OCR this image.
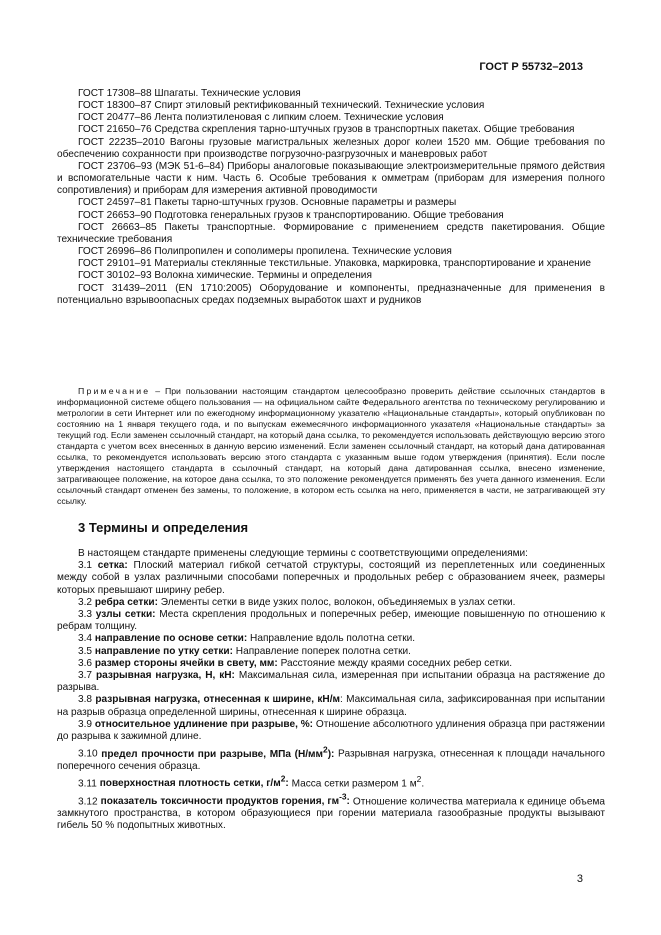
ГОСТ Р 55732–2013

ГОСТ 17308–88 Шпагаты. Технические условия

ГОСТ 18300–87 Спирт этиловый ректификованный технический. Технические условия

ГОСТ 20477–86 Лента полиэтиленовая с липким слоем. Технические условия

ГОСТ 21650–76 Средства скрепления тарно-штучных грузов в транспортных пакетах. Общие требования

ГОСТ 22235–2010 Вагоны грузовые магистральных железных дорог колеи 1520 мм. Общие требования по обеспечению сохранности при производстве погрузочно-разгрузочных и маневровых работ

ГОСТ 23706–93 (МЭК 51-6–84) Приборы аналоговые показывающие электроизмерительные прямого действия и вспомогательные части к ним. Часть 6. Особые требования к омметрам (приборам для измерения полного сопротивления) и приборам для измерения активной проводимости

ГОСТ 24597–81 Пакеты тарно-штучных грузов. Основные параметры и размеры

ГОСТ 26653–90 Подготовка генеральных грузов к транспортированию. Общие требования

ГОСТ 26663–85 Пакеты транспортные. Формирование с применением средств пакетирования. Общие технические требования

ГОСТ 26996–86 Полипропилен и сополимеры пропилена. Технические условия

ГОСТ 29101–91 Материалы стеклянные текстильные. Упаковка, маркировка, транспортирование и хранение

ГОСТ 30102–93 Волокна химические. Термины и определения

ГОСТ 31439–2011 (EN 1710:2005) Оборудование и компоненты, предназначенные для применения в потенциально взрывоопасных средах подземных выработок шахт и рудников

Примечание – При пользовании настоящим стандартом целесообразно проверить действие ссылочных стандартов в информационной системе общего пользования — на официальном сайте Федерального агентства по техническому регулированию и метрологии в сети Интернет или по ежегодному информационному указателю «Национальные стандарты», который опубликован по состоянию на 1 января текущего года, и по выпускам ежемесячного информационного указателя «Национальные стандарты» за текущий год. Если заменен ссылочный стандарт, на который дана ссылка, то рекомендуется использовать действующую версию этого стандарта с учетом всех внесенных в данную версию изменений. Если заменен ссылочный стандарт, на который дана датированная ссылка, то рекомендуется использовать версию этого стандарта с указанным выше годом утверждения (принятия). Если после утверждения настоящего стандарта в ссылочный стандарт, на который дана датированная ссылка, внесено изменение, затрагивающее положение, на которое дана ссылка, то это положение рекомендуется применять без учета данного изменения. Если ссылочный стандарт отменен без замены, то положение, в котором есть ссылка на него, применяется в части, не затрагивающей эту ссылку.

3 Термины и определения

В настоящем стандарте применены следующие термины с соответствующими определениями:

3.1 сетка: Плоский материал гибкой сетчатой структуры, состоящий из переплетенных или соединенных между собой в узлах различными способами поперечных и продольных ребер с образованием ячеек, размеры которых превышают ширину ребер.

3.2 ребра сетки: Элементы сетки в виде узких полос, волокон, объединяемых в узлах сетки.

3.3 узлы сетки: Места скрепления продольных и поперечных ребер, имеющие повышенную по отношению к ребрам толщину.

3.4 направление по основе сетки: Направление вдоль полотна сетки.

3.5 направление по утку сетки: Направление поперек полотна сетки.

3.6 размер стороны ячейки в свету, мм: Расстояние между краями соседних ребер сетки.

3.7 разрывная нагрузка, Н, кН: Максимальная сила, измеренная при испытании образца на растяжение до разрыва.

3.8 разрывная нагрузка, отнесенная к ширине, кН/м: Максимальная сила, зафиксированная при испытании на разрыв образца определенной ширины, отнесенная к ширине образца.

3.9 относительное удлинение при разрыве, %: Отношение абсолютного удлинения образца при растяжении до разрыва к зажимной длине.

3.10 предел прочности при разрыве, МПа $(Н/мм^2)$: Разрывная нагрузка, отнесенная к площади начального поперечного сечения образца.

3.11 поверхностная плотность сетки, $г/м^2$: Масса сетки размером 1 $м^2$.

3.12 показатель токсичности продуктов горения, $гм^{-3}$: Отношение количества материала к единице объема замкнутого пространства, в котором образующиеся при горении материала газообразные продукты вызывают гибель 50 % подопытных животных.

3
